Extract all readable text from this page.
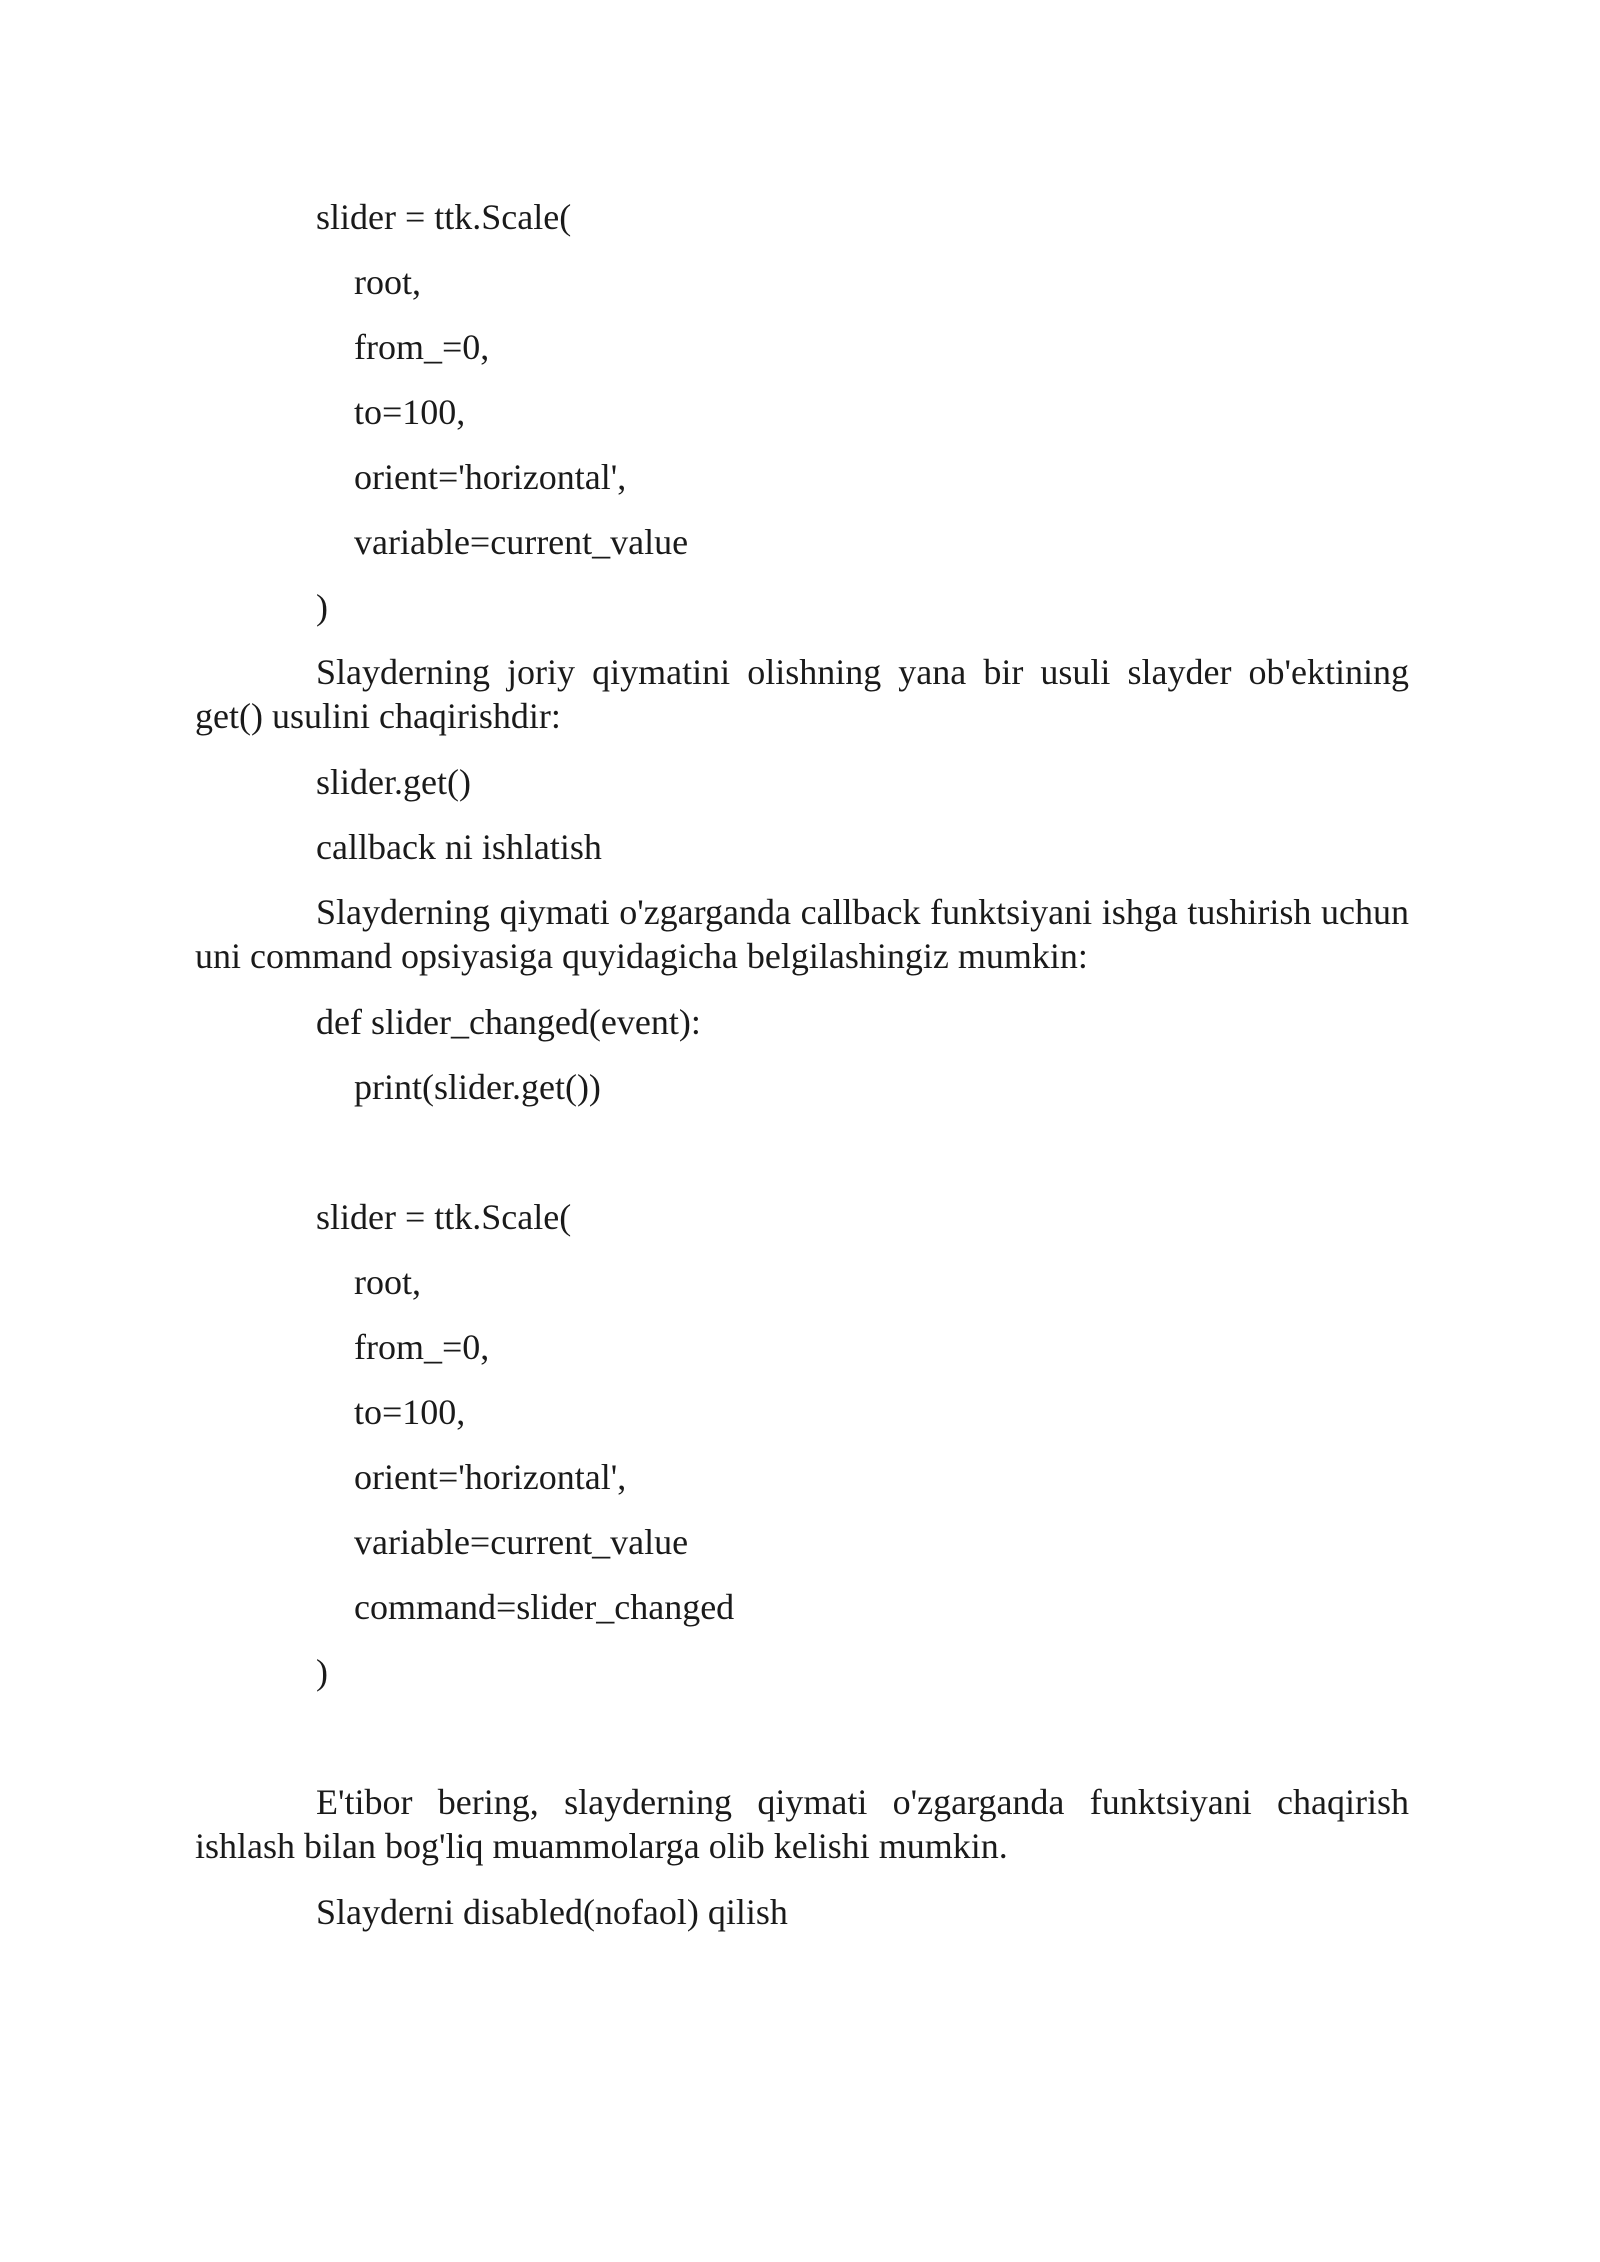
slider = ttk.Scale(
root,
from_=0,
to=100,
orient='horizontal',
variable=current_value
)
Slayderning joriy qiymatini olishning yana bir usuli slayder ob'ektining get() usulini chaqirishdir:
slider.get()
callback ni ishlatish
Slayderning qiymati o'zgarganda callback funktsiyani ishga tushirish uchun uni command opsiyasiga quyidagicha belgilashingiz mumkin:
def slider_changed(event):
print(slider.get())
slider = ttk.Scale(
root,
from_=0,
to=100,
orient='horizontal',
variable=current_value
command=slider_changed
)
E'tibor bering, slayderning qiymati o'zgarganda funktsiyani chaqirish ishlash bilan bog'liq muammolarga olib kelishi mumkin.
Slayderni disabled(nofaol) qilish
